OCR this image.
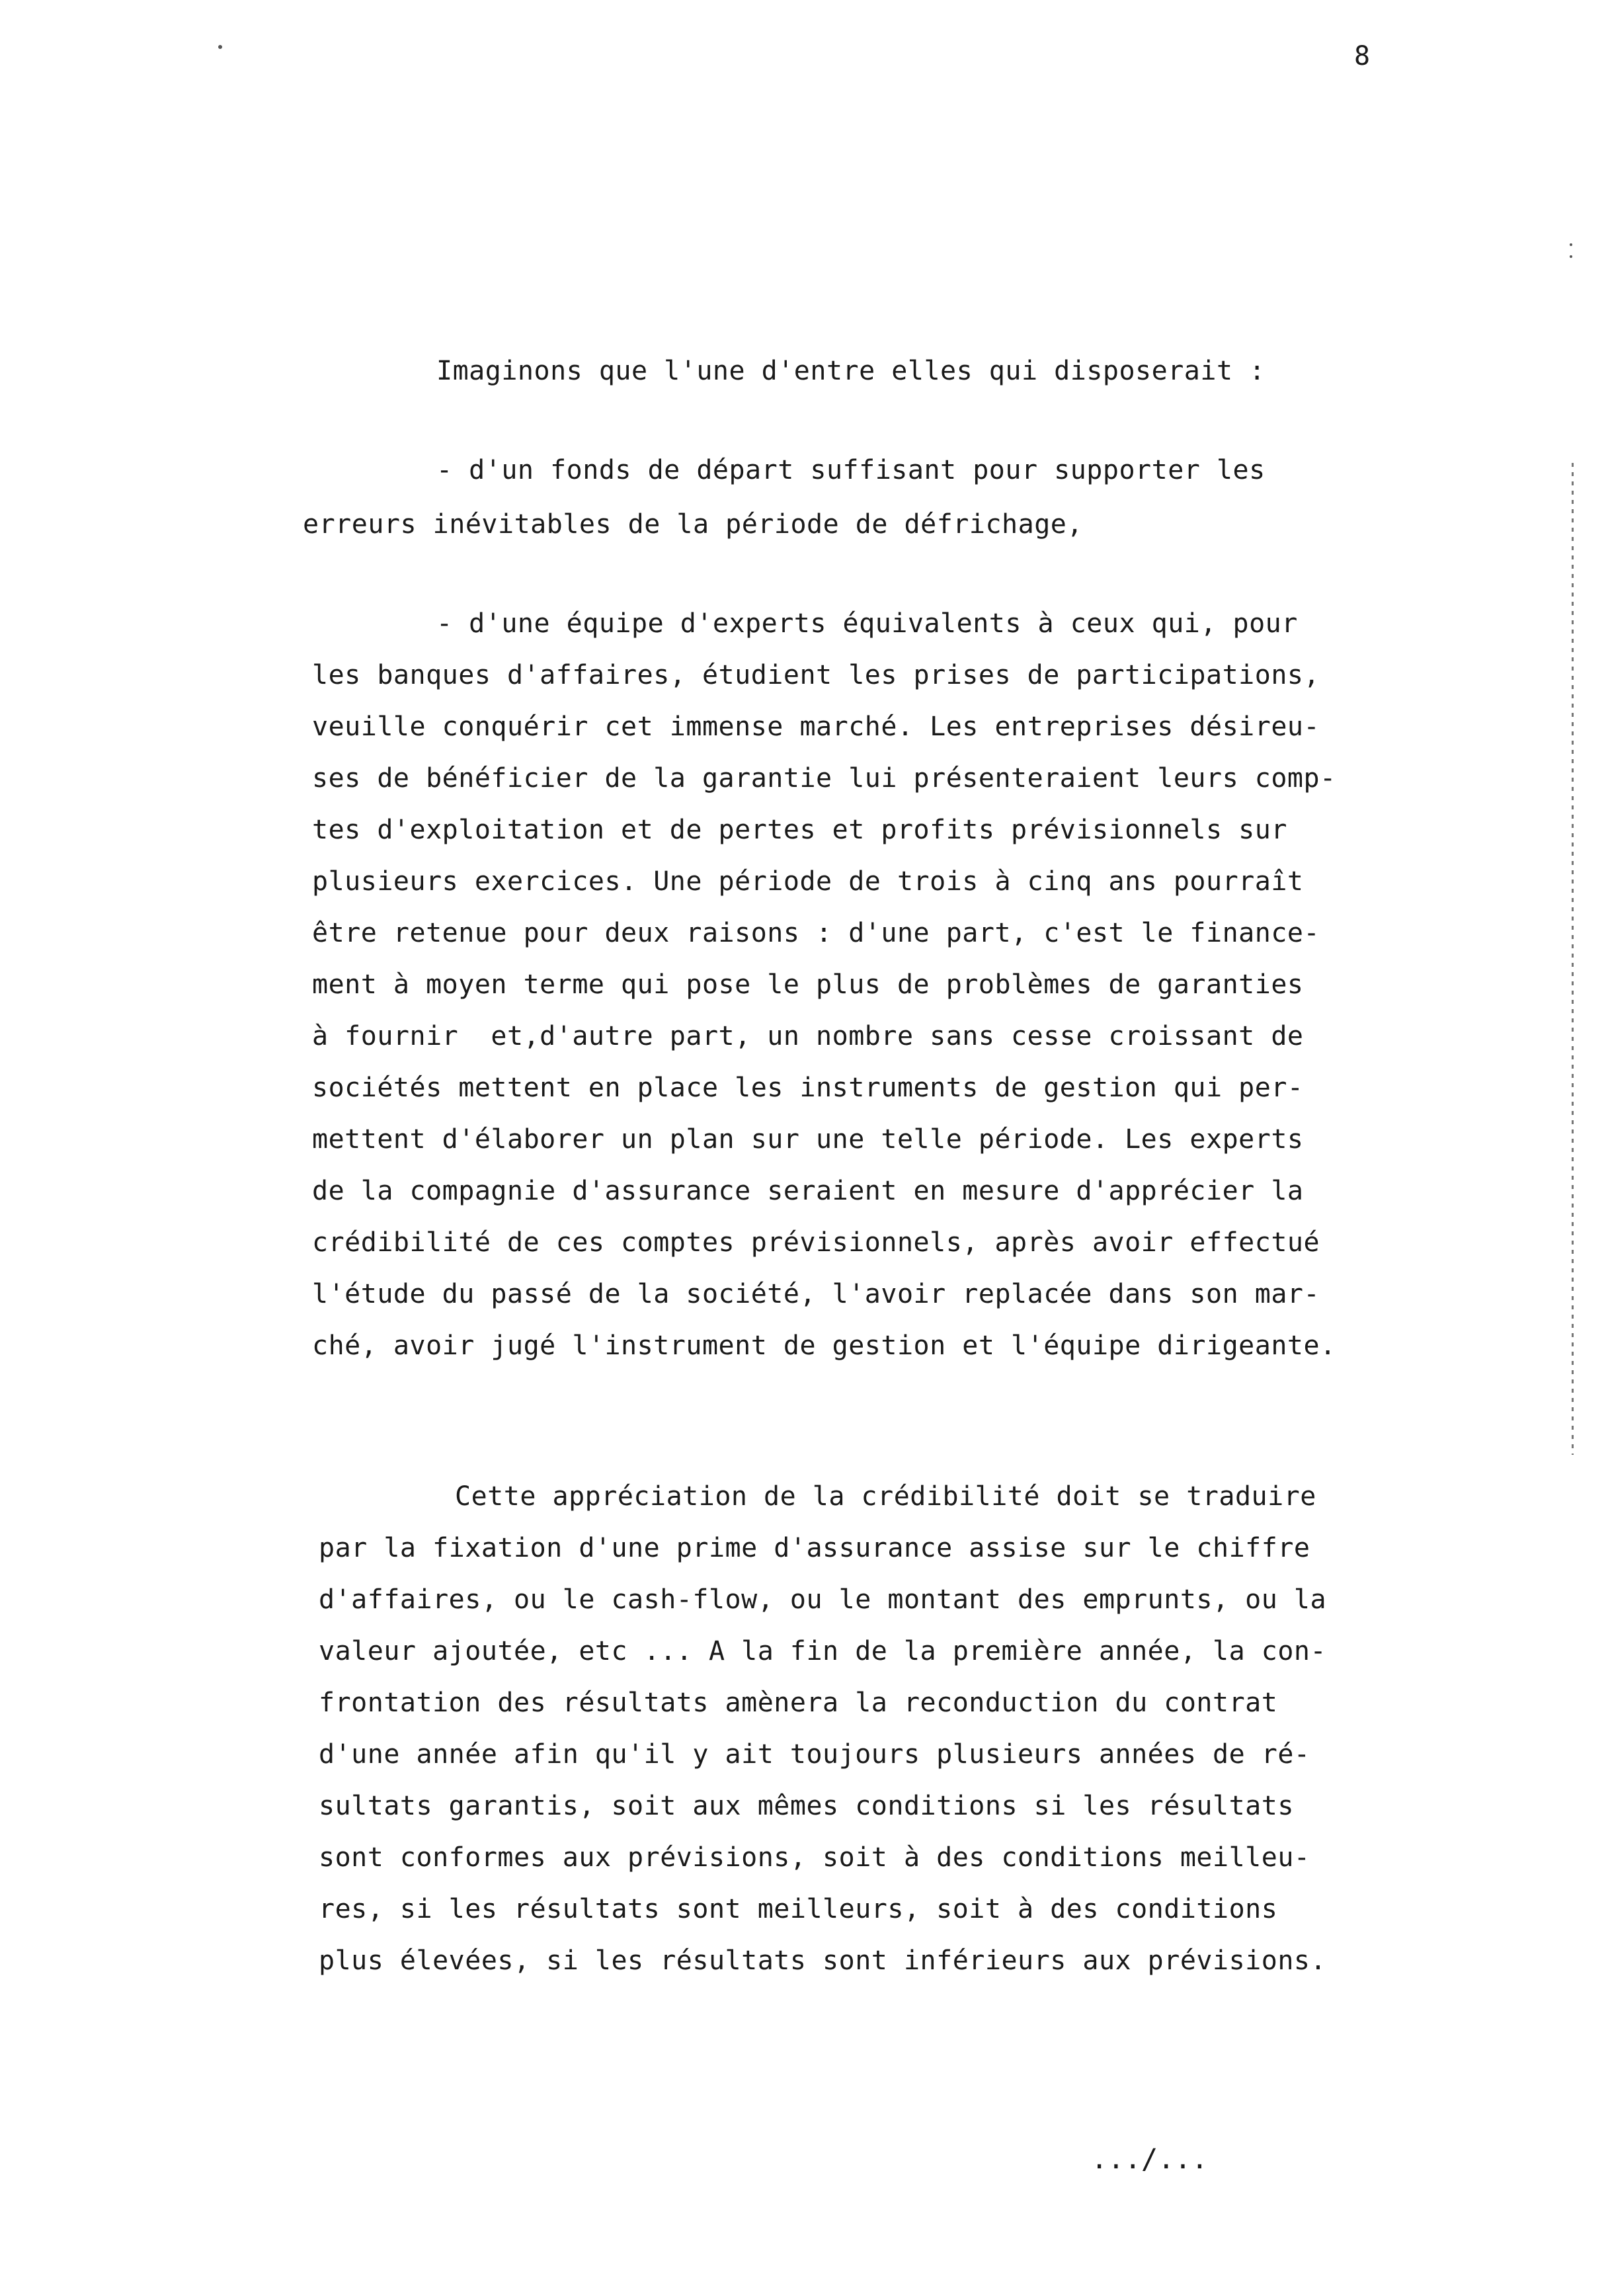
8
Imaginons que l'une d'entre elles qui disposerait :
- d'un fonds de départ suffisant pour supporter les
erreurs inévitables de la période de défrichage,
- d'une équipe d'experts équivalents à ceux qui, pour
les banques d'affaires, étudient les prises de participations,
veuille conquérir cet immense marché. Les entreprises désireu-
ses de bénéficier de la garantie lui présenteraient leurs comp-
tes d'exploitation et de pertes et profits prévisionnels sur
plusieurs exercices. Une période de trois à cinq ans pourraît
être retenue pour deux raisons : d'une part, c'est le finance-
ment à moyen terme qui pose le plus de problèmes de garanties
à fournir  et,d'autre part, un nombre sans cesse croissant de
sociétés mettent en place les instruments de gestion qui per-
mettent d'élaborer un plan sur une telle période. Les experts
de la compagnie d'assurance seraient en mesure d'apprécier la
crédibilité de ces comptes prévisionnels, après avoir effectué
l'étude du passé de la société, l'avoir replacée dans son mar-
ché, avoir jugé l'instrument de gestion et l'équipe dirigeante.
Cette appréciation de la crédibilité doit se traduire
par la fixation d'une prime d'assurance assise sur le chiffre
d'affaires, ou le cash-flow, ou le montant des emprunts, ou la
valeur ajoutée, etc ... A la fin de la première année, la con-
frontation des résultats amènera la reconduction du contrat
d'une année afin qu'il y ait toujours plusieurs années de ré-
sultats garantis, soit aux mêmes conditions si les résultats
sont conformes aux prévisions, soit à des conditions meilleu-
res, si les résultats sont meilleurs, soit à des conditions
plus élevées, si les résultats sont inférieurs aux prévisions.
.../...
